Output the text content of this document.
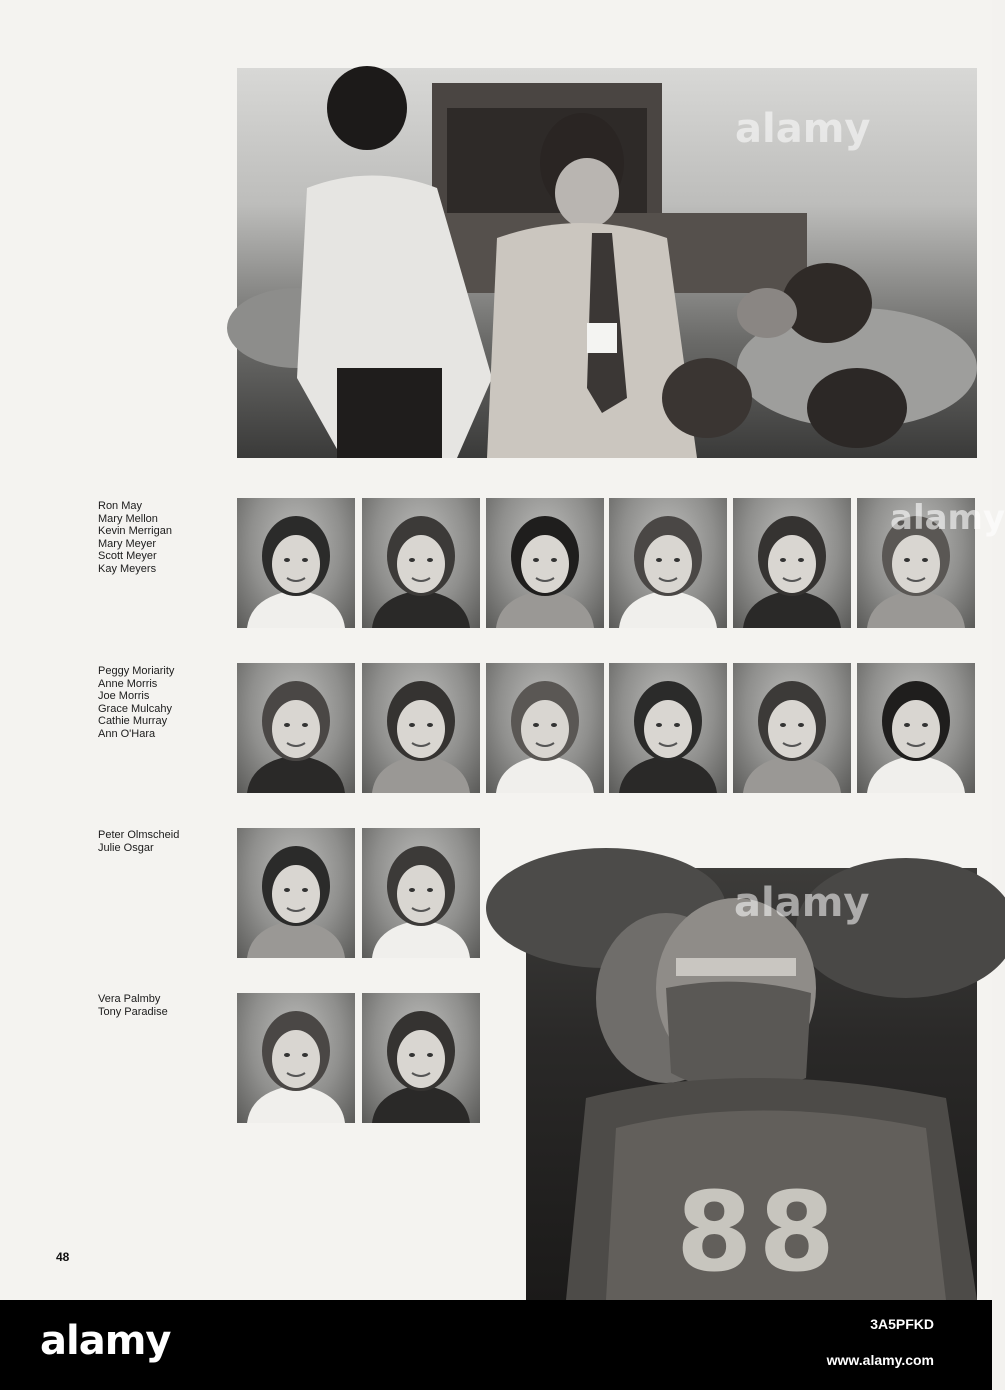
alamy
Ron May
Mary Mellon
Kevin Merrigan
Mary Meyer
Scott Meyer
Kay Meyers
Peggy Moriarity
Anne Morris
Joe Morris
Grace Mulcahy
Cathie Murray
Ann O'Hara
Peter Olmscheid
Julie Osgar
Vera Palmby
Tony Paradise
alamy
88
alamy
48
alamy	3A5PFKD
www.alamy.com
